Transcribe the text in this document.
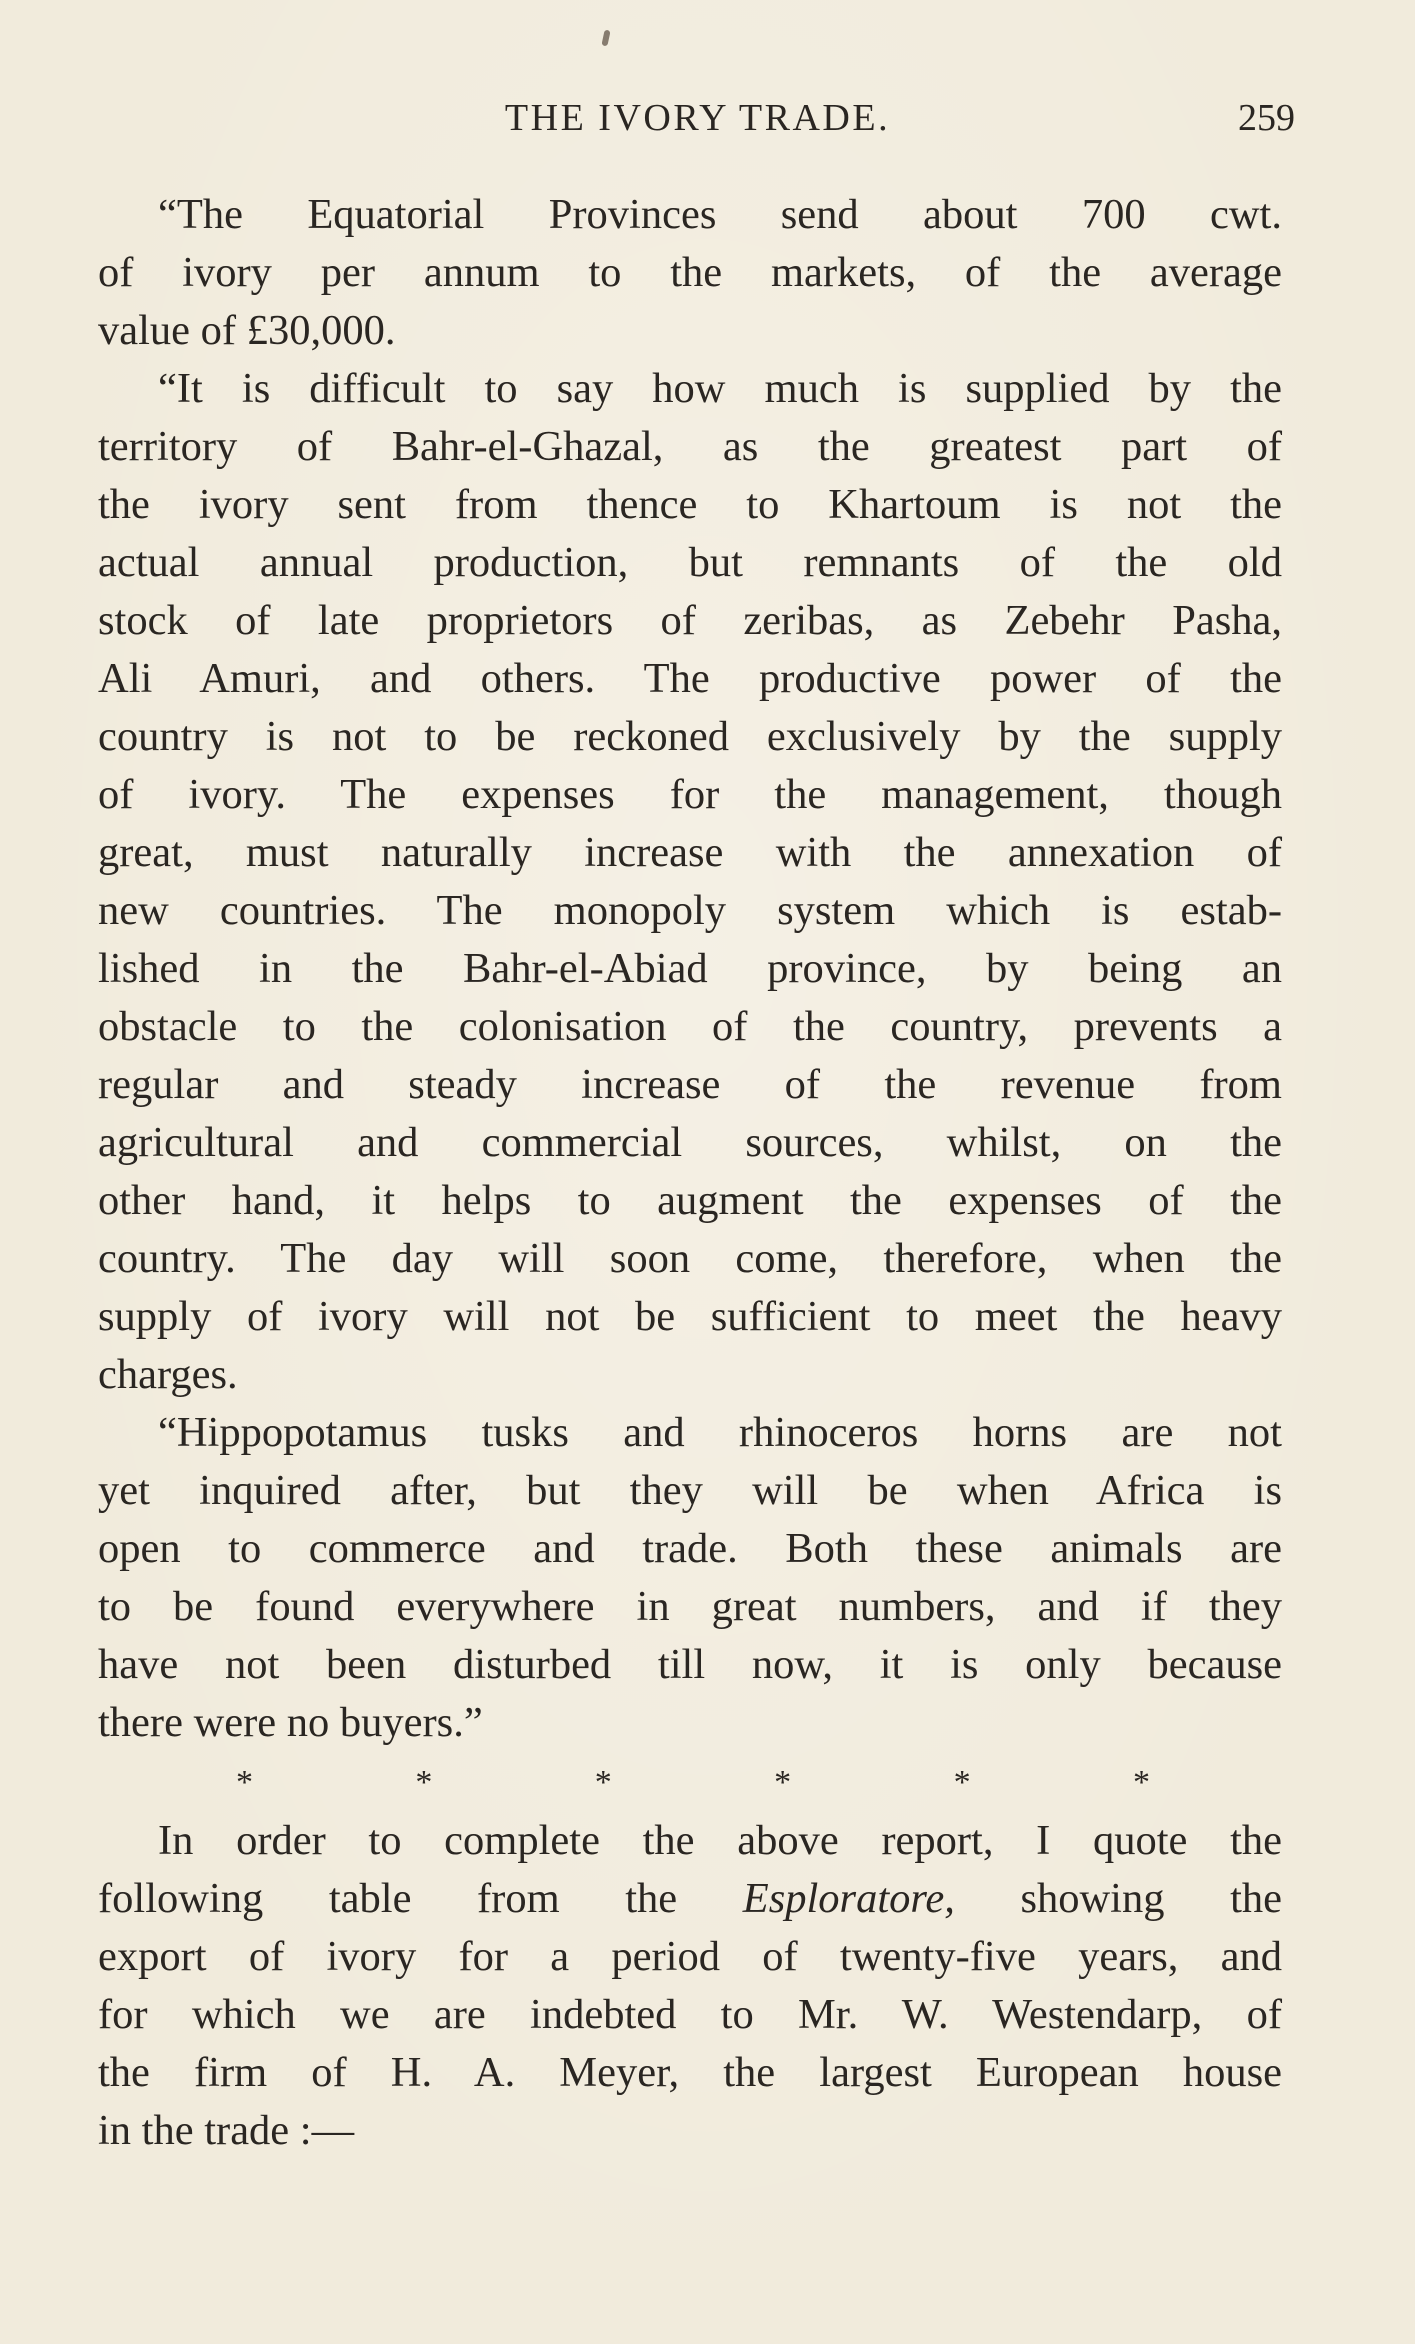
THE IVORY TRADE.	259
“The Equatorial Provinces send about 700 cwt.
of ivory per annum to the markets, of the average
value of £30,000.
“It is difficult to say how much is supplied by the
territory of Bahr-el-Ghazal, as the greatest part of
the ivory sent from thence to Khartoum is not the
actual annual production, but remnants of the old
stock of late proprietors of zeribas, as Zebehr Pasha,
Ali Amuri, and others. The productive power of the
country is not to be reckoned exclusively by the supply
of ivory. The expenses for the management, though
great, must naturally increase with the annexation of
new countries. The monopoly system which is estab-
lished in the Bahr-el-Abiad province, by being an
obstacle to the colonisation of the country, prevents a
regular and steady increase of the revenue from
agricultural and commercial sources, whilst, on the
other hand, it helps to augment the expenses of the
country. The day will soon come, therefore, when the
supply of ivory will not be sufficient to meet the heavy
charges.
“Hippopotamus tusks and rhinoceros horns are not
yet inquired after, but they will be when Africa is
open to commerce and trade. Both these animals are
to be found everywhere in great numbers, and if they
have not been disturbed till now, it is only because
there were no buyers.”
*	*	*	*	*	*
In order to complete the above report, I quote the
following table from the Esploratore, showing the
export of ivory for a period of twenty-five years, and
for which we are indebted to Mr. W. Westendarp, of
the firm of H. A. Meyer, the largest European house
in the trade :—
